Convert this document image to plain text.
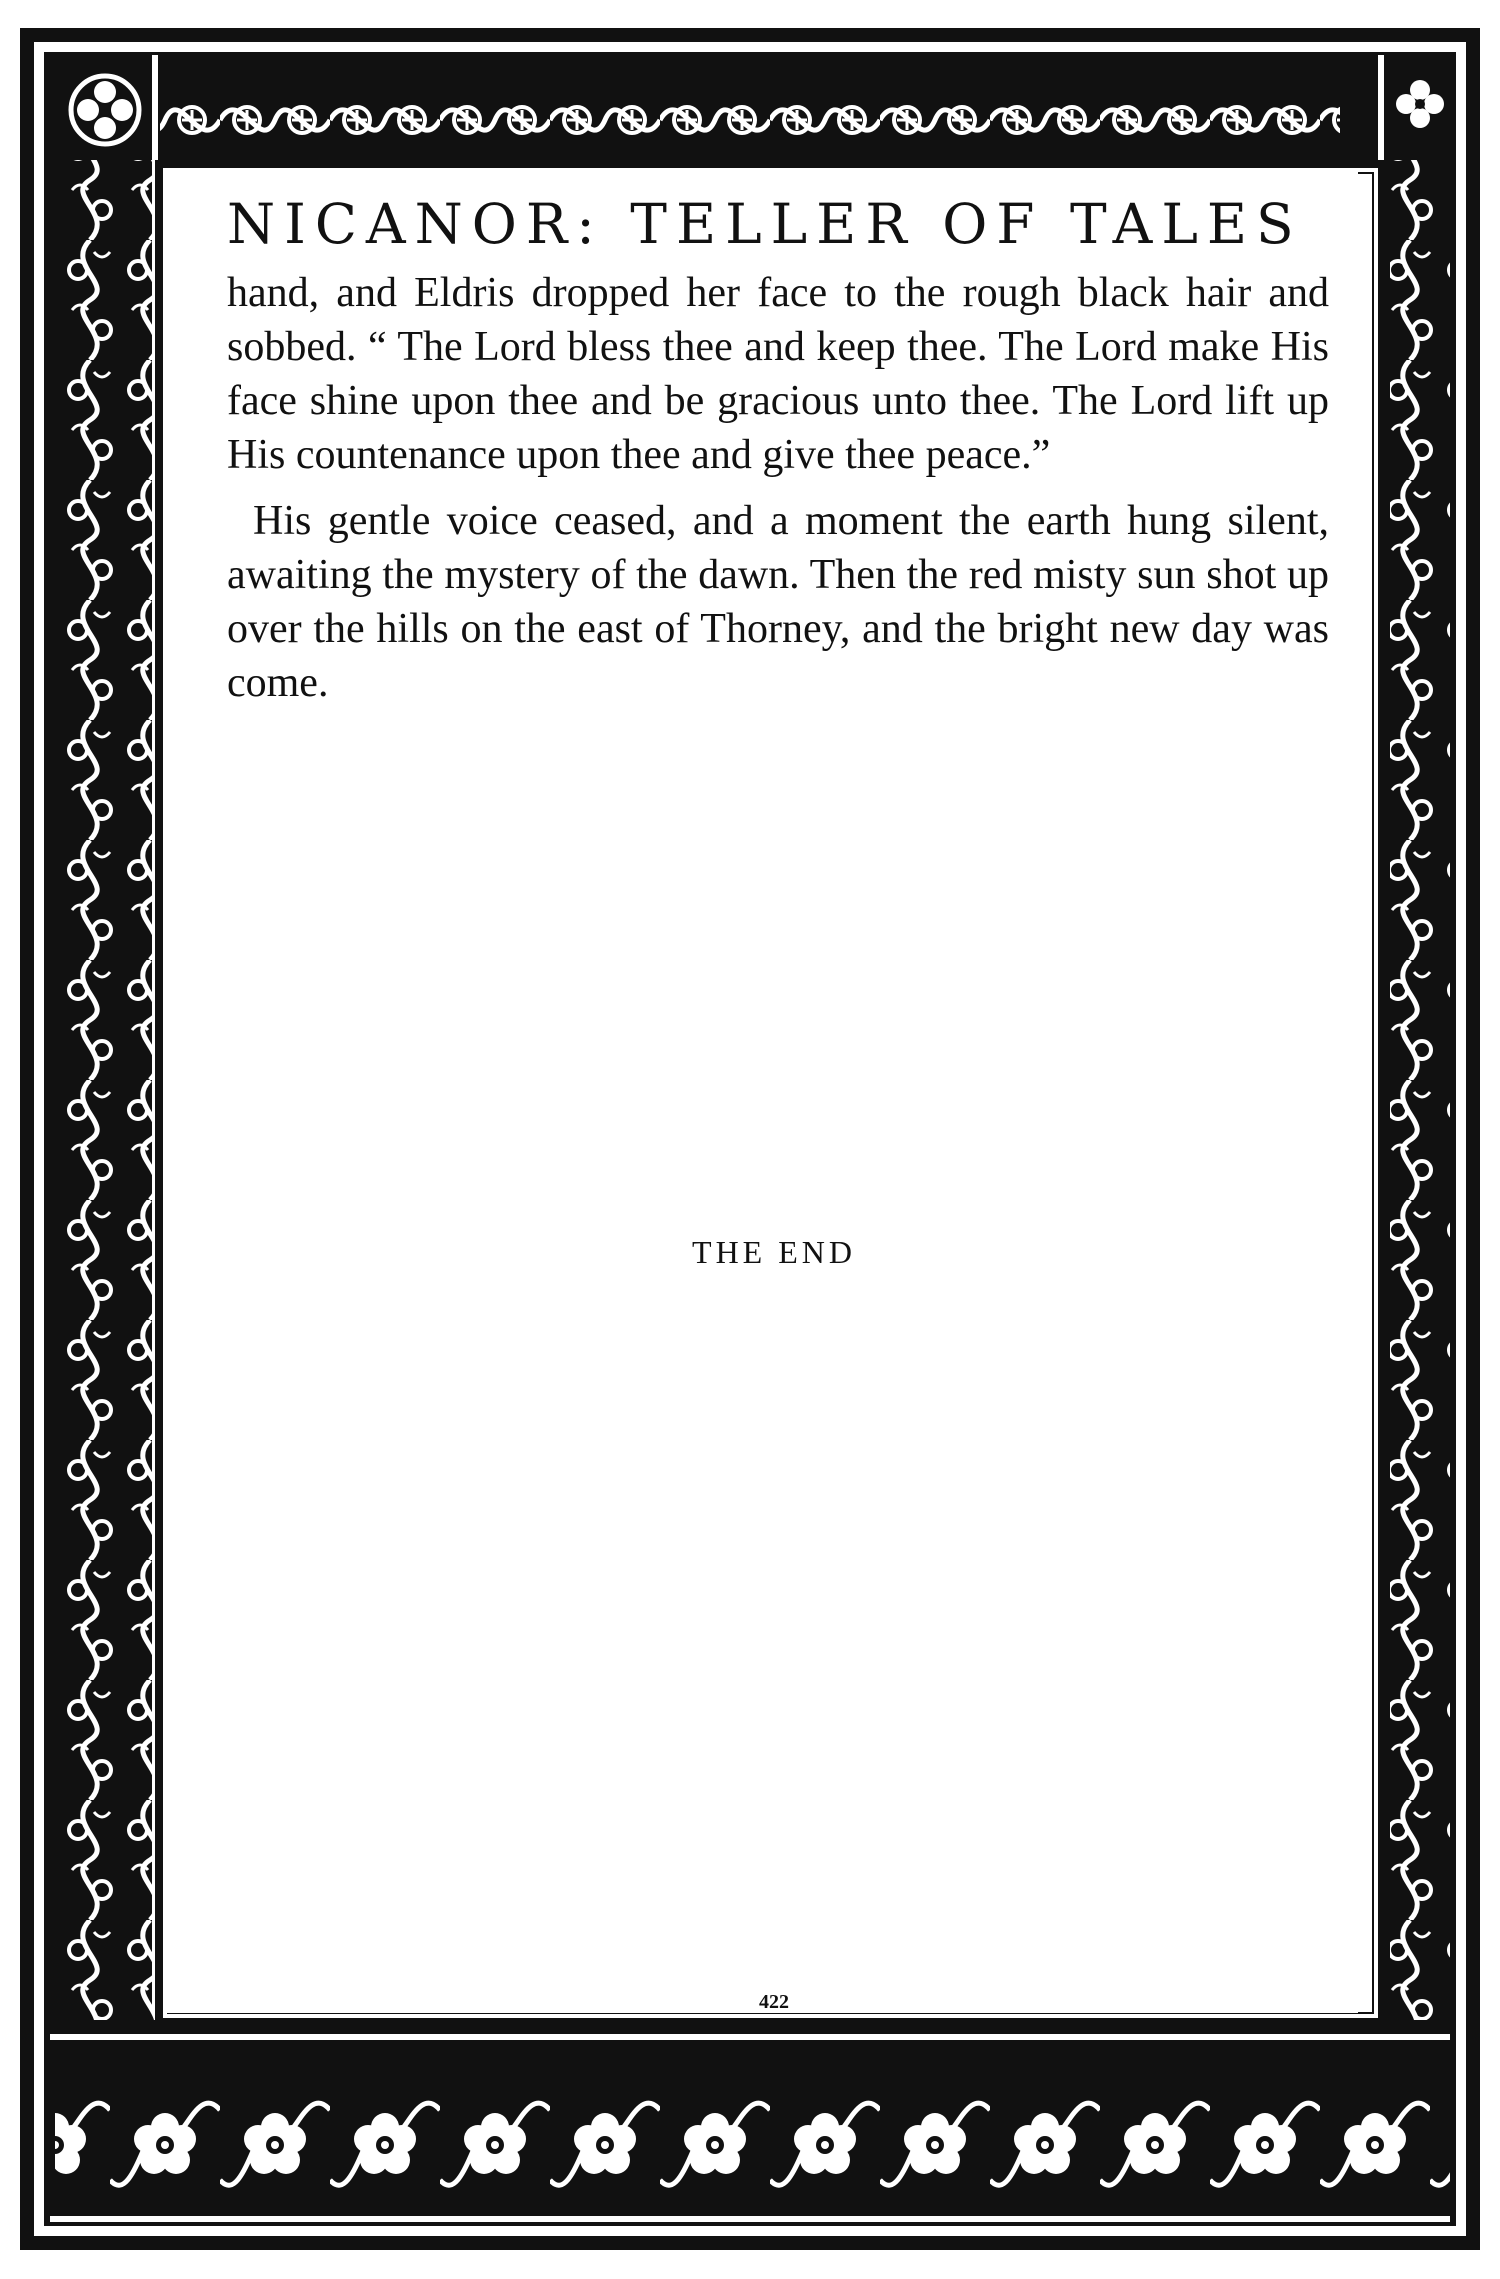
NICANOR: TELLER OF TALES

hand, and Eldris dropped her face to the rough black hair and sobbed. “ The Lord bless thee and keep thee. The Lord make His face shine upon thee and be gracious unto thee. The Lord lift up His countenance upon thee and give thee peace.”

His gentle voice ceased, and a moment the earth hung silent, awaiting the mystery of the dawn. Then the red misty sun shot up over the hills on the east of Thorney, and the bright new day was come.

THE END

422
